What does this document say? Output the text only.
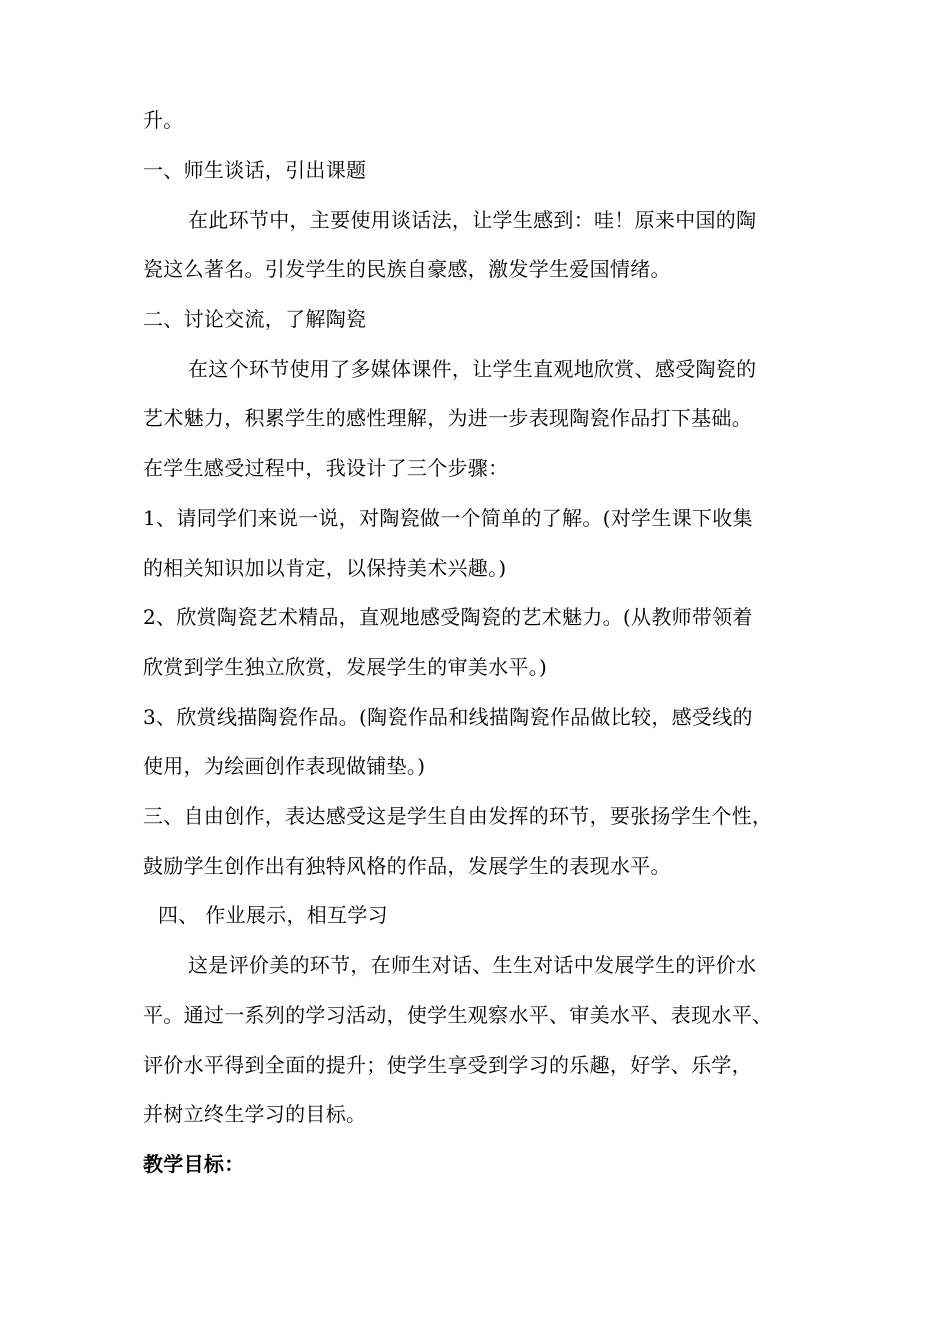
升。
一、师生谈话，引出课题
在此环节中，主要使用谈话法，让学生感到：哇！原来中国的陶
瓷这么著名。引发学生的民族自豪感，激发学生爱国情绪。
二、讨论交流，了解陶瓷
在这个环节使用了多媒体课件，让学生直观地欣赏、感受陶瓷的
艺术魅力，积累学生的感性理解，为进一步表现陶瓷作品打下基础。
在学生感受过程中，我设计了三个步骤：
1、请同学们来说一说，对陶瓷做一个简单的了解。(对学生课下收集
的相关知识加以肯定，以保持美术兴趣。)
2、欣赏陶瓷艺术精品，直观地感受陶瓷的艺术魅力。(从教师带领着
欣赏到学生独立欣赏，发展学生的审美水平。)
3、欣赏线描陶瓷作品。(陶瓷作品和线描陶瓷作品做比较，感受线的
使用，为绘画创作表现做铺垫。)
三、自由创作，表达感受这是学生自由发挥的环节，要张扬学生个性，
鼓励学生创作出有独特风格的作品，发展学生的表现水平。
四、 作业展示，相互学习
这是评价美的环节，在师生对话、生生对话中发展学生的评价水
平。通过一系列的学习活动，使学生观察水平、审美水平、表现水平、
评价水平得到全面的提升；使学生享受到学习的乐趣，好学、乐学，
并树立终生学习的目标。
教学目标：
